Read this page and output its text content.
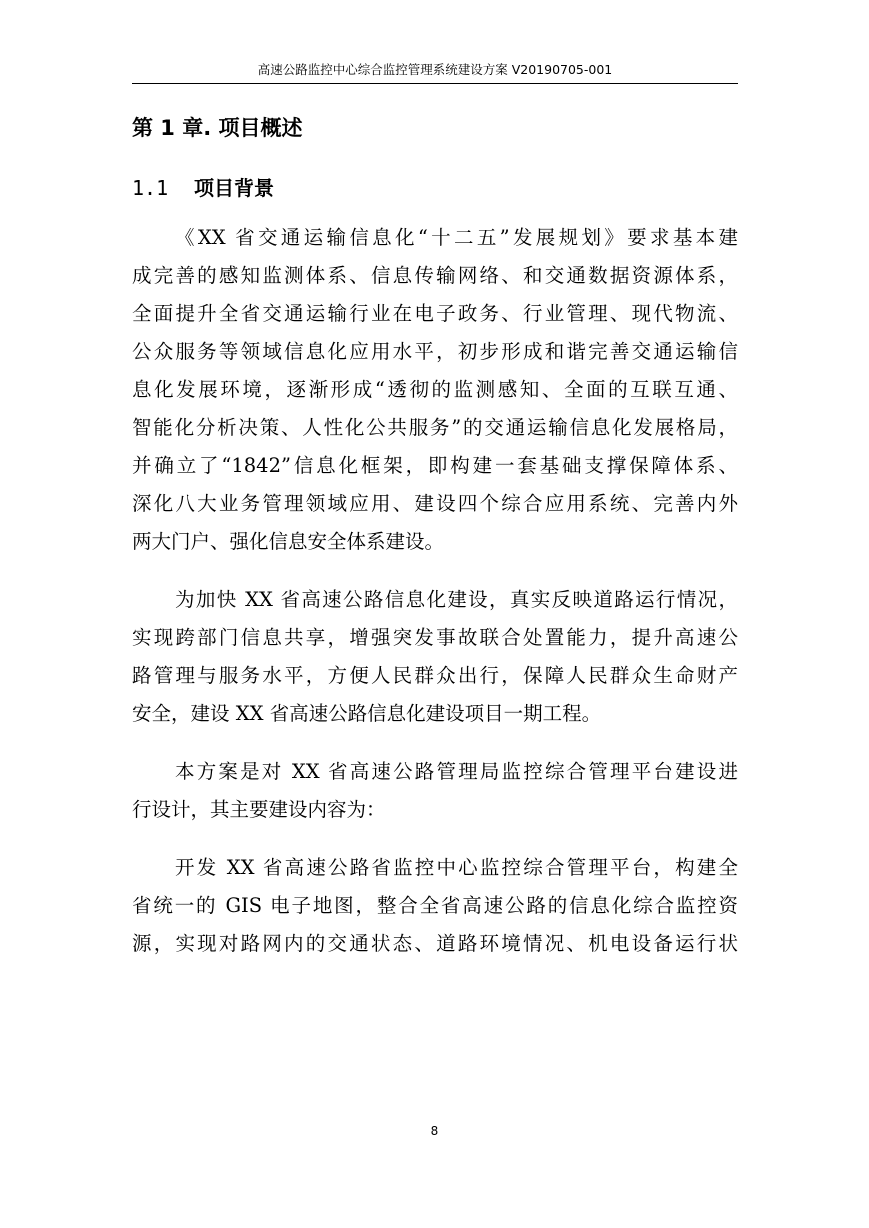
高速公路监控中心综合监控管理系统建设方案 V20190705-001
第 1 章. 项目概述
1.1 项目背景
《XX 省交通运输信息化“十二五”发展规划》要求基本建
成完善的感知监测体系、信息传输网络、和交通数据资源体系，
全面提升全省交通运输行业在电子政务、行业管理、现代物流、
公众服务等领域信息化应用水平，初步形成和谐完善交通运输信
息化发展环境，逐渐形成“透彻的监测感知、全面的互联互通、
智能化分析决策、人性化公共服务”的交通运输信息化发展格局，
并确立了“1842”信息化框架，即构建一套基础支撑保障体系、
深化八大业务管理领域应用、建设四个综合应用系统、完善内外
两大门户、强化信息安全体系建设。
为加快 XX 省高速公路信息化建设，真实反映道路运行情况，
实现跨部门信息共享，增强突发事故联合处置能力，提升高速公
路管理与服务水平，方便人民群众出行，保障人民群众生命财产
安全，建设 XX 省高速公路信息化建设项目一期工程。
本方案是对 XX 省高速公路管理局监控综合管理平台建设进
行设计，其主要建设内容为：
开发 XX 省高速公路省监控中心监控综合管理平台，构建全
省统一的 GIS 电子地图，整合全省高速公路的信息化综合监控资
源，实现对路网内的交通状态、道路环境情况、机电设备运行状
8
